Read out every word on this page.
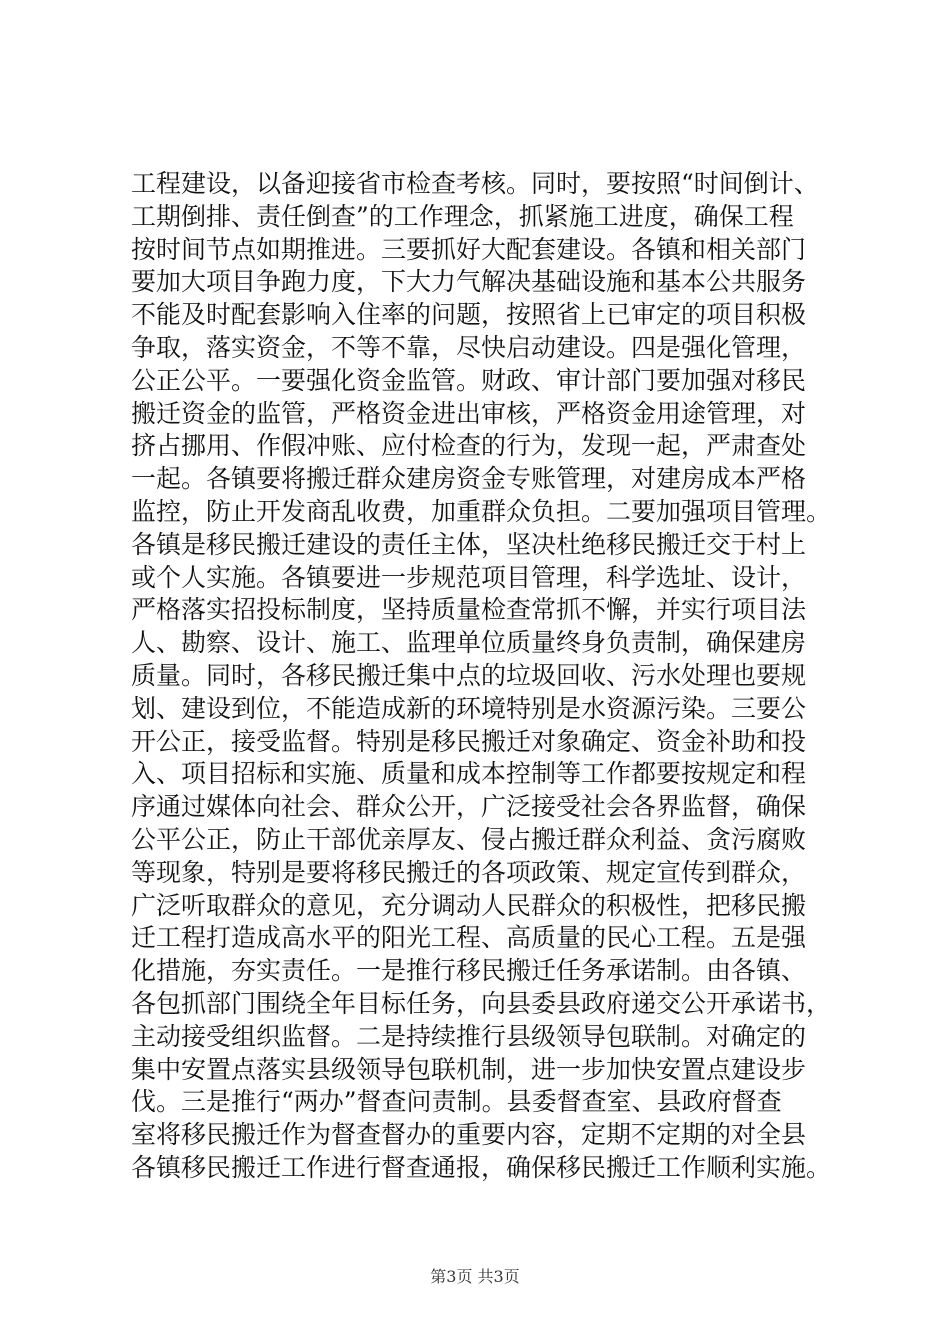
工程建设，以备迎接省市检查考核。同时，要按照“时间倒计、
工期倒排、责任倒查”的工作理念，抓紧施工进度，确保工程
按时间节点如期推进。三要抓好大配套建设。各镇和相关部门
要加大项目争跑力度，下大力气解决基础设施和基本公共服务
不能及时配套影响入住率的问题，按照省上已审定的项目积极
争取，落实资金，不等不靠，尽快启动建设。四是强化管理，
公正公平。一要强化资金监管。财政、审计部门要加强对移民
搬迁资金的监管，严格资金进出审核，严格资金用途管理，对
挤占挪用、作假冲账、应付检查的行为，发现一起，严肃查处
一起。各镇要将搬迁群众建房资金专账管理，对建房成本严格
监控，防止开发商乱收费，加重群众负担。二要加强项目管理。
各镇是移民搬迁建设的责任主体，坚决杜绝移民搬迁交于村上
或个人实施。各镇要进一步规范项目管理，科学选址、设计，
严格落实招投标制度，坚持质量检查常抓不懈，并实行项目法
人、勘察、设计、施工、监理单位质量终身负责制，确保建房
质量。同时，各移民搬迁集中点的垃圾回收、污水处理也要规
划、建设到位，不能造成新的环境特别是水资源污染。三要公
开公正，接受监督。特别是移民搬迁对象确定、资金补助和投
入、项目招标和实施、质量和成本控制等工作都要按规定和程
序通过媒体向社会、群众公开，广泛接受社会各界监督，确保
公平公正，防止干部优亲厚友、侵占搬迁群众利益、贪污腐败
等现象，特别是要将移民搬迁的各项政策、规定宣传到群众，
广泛听取群众的意见，充分调动人民群众的积极性，把移民搬
迁工程打造成高水平的阳光工程、高质量的民心工程。五是强
化措施，夯实责任。一是推行移民搬迁任务承诺制。由各镇、
各包抓部门围绕全年目标任务，向县委县政府递交公开承诺书，
主动接受组织监督。二是持续推行县级领导包联制。对确定的
集中安置点落实县级领导包联机制，进一步加快安置点建设步
伐。三是推行“两办”督查问责制。县委督查室、县政府督查
室将移民搬迁作为督查督办的重要内容，定期不定期的对全县
各镇移民搬迁工作进行督查通报，确保移民搬迁工作顺利实施。
第3页 共3页
